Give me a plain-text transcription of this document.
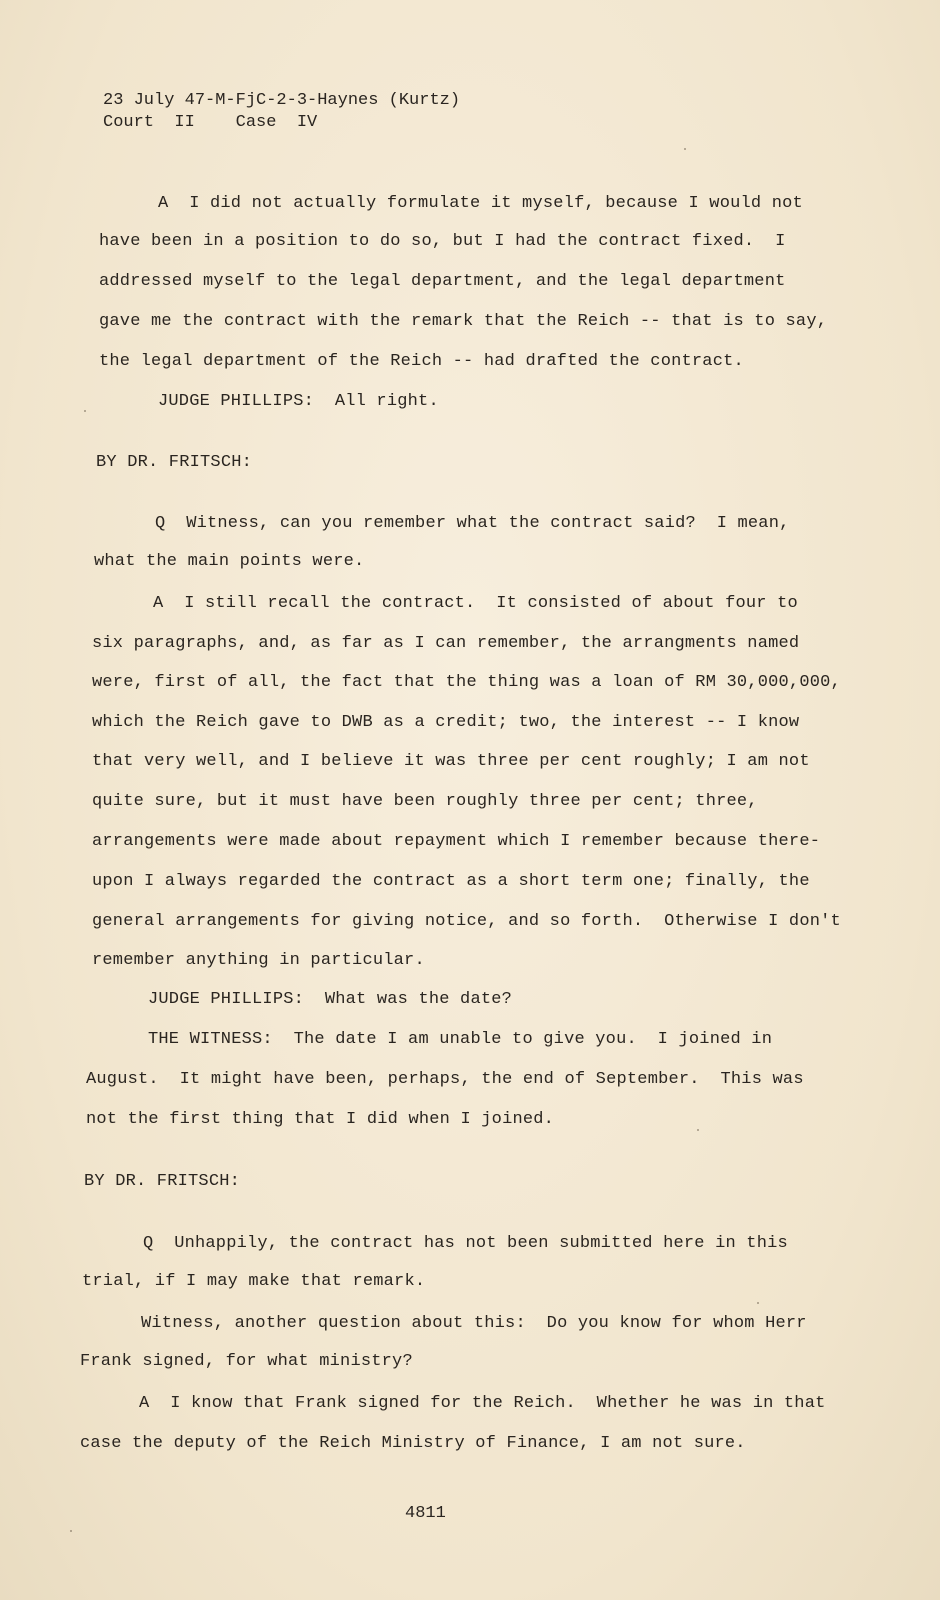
23 July 47-M-FjC-2-3-Haynes (Kurtz)
Court  II    Case  IV
A  I did not actually formulate it myself, because I would not
have been in a position to do so, but I had the contract fixed.  I
addressed myself to the legal department, and the legal department
gave me the contract with the remark that the Reich -- that is to say,
the legal department of the Reich -- had drafted the contract.
JUDGE PHILLIPS:  All right.
BY DR. FRITSCH:
Q  Witness, can you remember what the contract said?  I mean,
what the main points were.
A  I still recall the contract.  It consisted of about four to
six paragraphs, and, as far as I can remember, the arrangments named
were, first of all, the fact that the thing was a loan of RM 30,000,000,
which the Reich gave to DWB as a credit; two, the interest -- I know
that very well, and I believe it was three per cent roughly; I am not
quite sure, but it must have been roughly three per cent; three,
arrangements were made about repayment which I remember because there-
upon I always regarded the contract as a short term one; finally, the
general arrangements for giving notice, and so forth.  Otherwise I don't
remember anything in particular.
JUDGE PHILLIPS:  What was the date?
THE WITNESS:  The date I am unable to give you.  I joined in
August.  It might have been, perhaps, the end of September.  This was
not the first thing that I did when I joined.
BY DR. FRITSCH:
Q  Unhappily, the contract has not been submitted here in this
trial, if I may make that remark.
Witness, another question about this:  Do you know for whom Herr
Frank signed, for what ministry?
A  I know that Frank signed for the Reich.  Whether he was in that
case the deputy of the Reich Ministry of Finance, I am not sure.
4811
